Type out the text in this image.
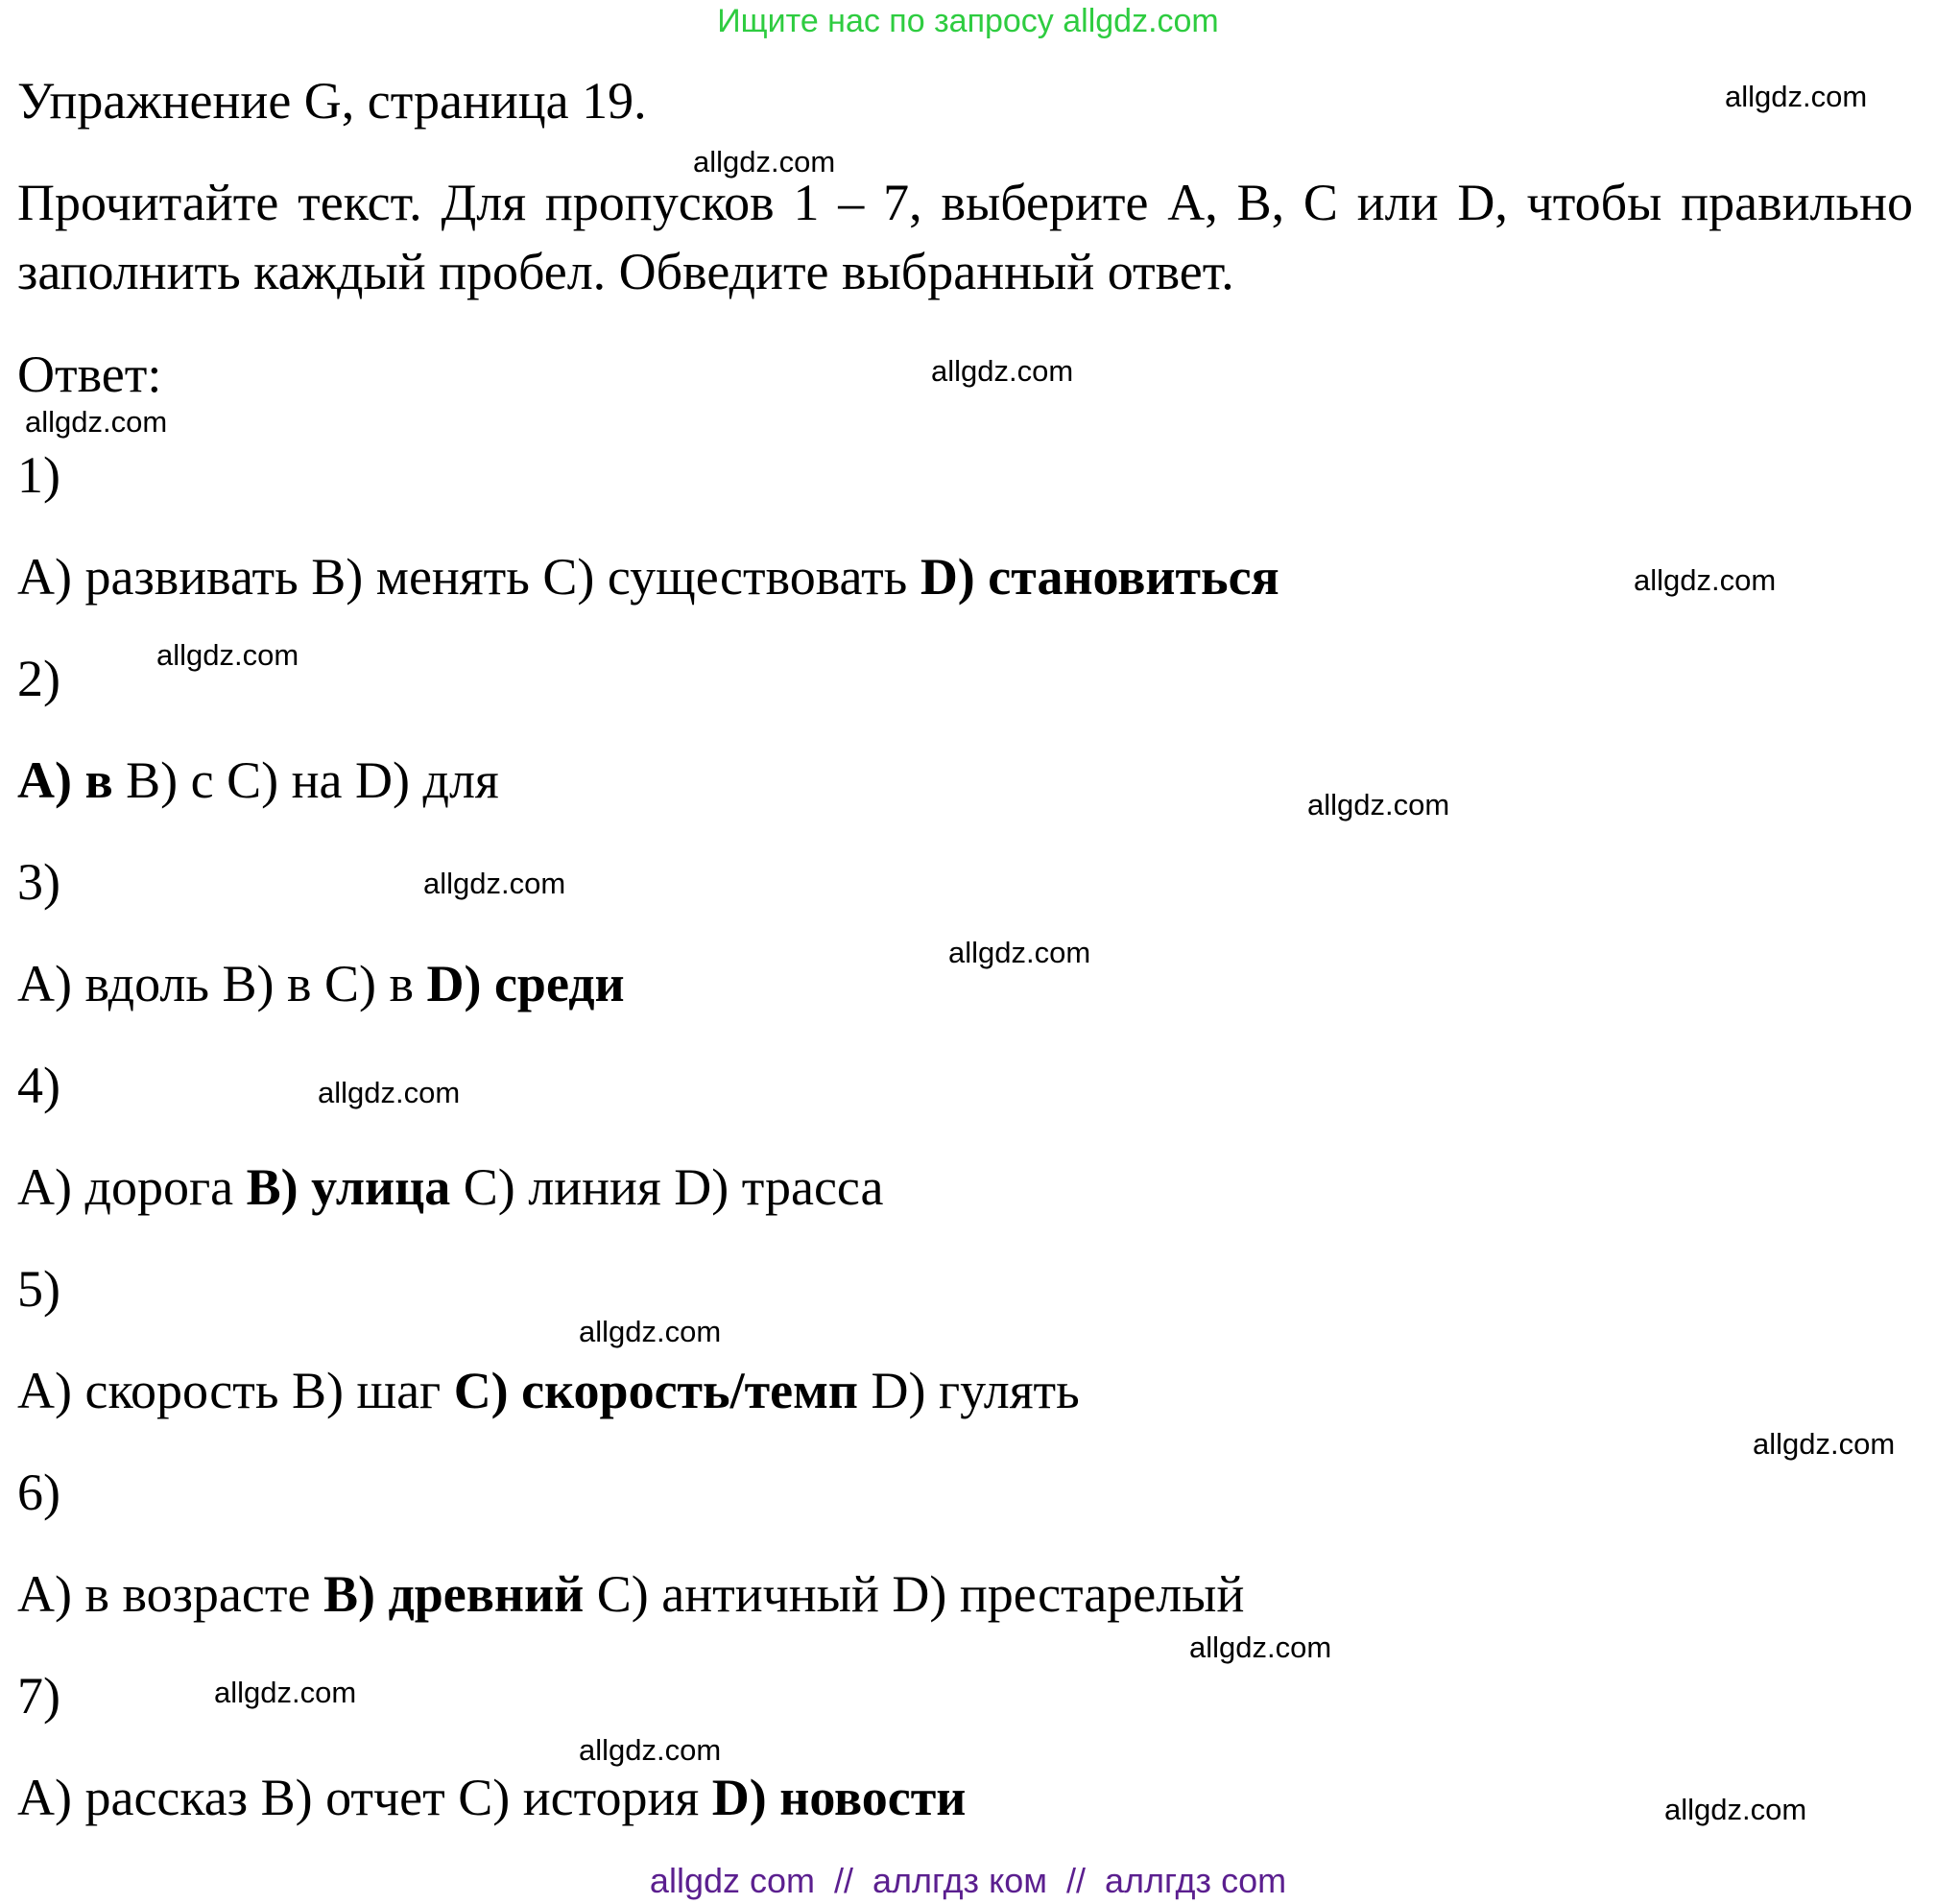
Ищите нас по запросу allgdz.com
Упражнение G, страница 19.
Прочитайте текст. Для пропусков 1 – 7, выберите A, B, C или D, чтобы правильно заполнить каждый пробел. Обведите выбранный ответ.
Ответ:
1)
A) развивать B) менять C) существовать D) становиться
2)
A) в B) с C) на D) для
3)
A) вдоль B) в C) в D) среди
4)
A) дорога B) улица C) линия D) трасса
5)
A) скорость B) шаг C) скорость/темп D) гулять
6)
A) в возрасте B) древний C) античный D) престарелый
7)
A) рассказ B) отчет C) история D) новости
allgdz.com
allgdz.com
allgdz.com
allgdz.com
allgdz.com
allgdz.com
allgdz.com
allgdz.com
allgdz.com
allgdz.com
allgdz.com
allgdz.com
allgdz.com
allgdz.com
allgdz.com
allgdz.com
allgdz com  //  аллгдз ком  //  аллгдз com
